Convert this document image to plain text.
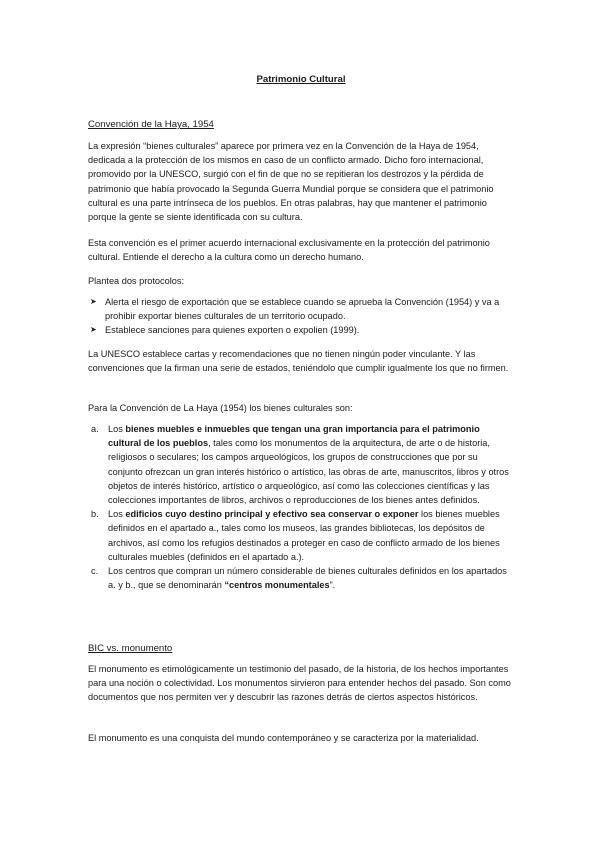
Patrimonio Cultural
Convención de la Haya, 1954

La expresión “bienes culturales” aparece por primera vez en la Convención de la Haya de 1954, dedicada a la protección de los mismos en caso de un conflicto armado. Dicho foro internacional, promovido por la UNESCO, surgió con el fin de que no se repitieran los destrozos y la pérdida de patrimonio que había provocado la Segunda Guerra Mundial porque se considera que el patrimonio cultural es una parte intrínseca de los pueblos. En otras palabras, hay que mantener el patrimonio porque la gente se siente identificada con su cultura.

Esta convención es el primer acuerdo internacional exclusivamente en la protección del patrimonio cultural. Entiende el derecho a la cultura como un derecho humano.

Plantea dos protocolos:

➤ Alerta el riesgo de exportación que se establece cuando se aprueba la Convención (1954) y va a prohibir exportar bienes culturales de un territorio ocupado.
➤ Establece sanciones para quienes exporten o expolien (1999).

La UNESCO establece cartas y recomendaciones que no tienen ningún poder vinculante. Y las convenciones que la firman una serie de estados, teniéndolo que cumplir igualmente los que no firmen.

Para la Convención de La Haya (1954) los bienes culturales son:

a. Los bienes muebles e inmuebles que tengan una gran importancia para el patrimonio cultural de los pueblos, tales como los monumentos de la arquitectura, de arte o de historia, religiosos o seculares; los campos arqueológicos, los grupos de construcciones que por su conjunto ofrezcan un gran interés histórico o artístico, las obras de arte, manuscritos, libros y otros objetos de interés histórico, artístico o arqueológico, así como las colecciones científicas y las colecciones importantes de libros, archivos o reproducciones de los bienes antes definidos.
b. Los edificios cuyo destino principal y efectivo sea conservar o exponer los bienes muebles definidos en el apartado a., tales como los museos, las grandes bibliotecas, los depósitos de archivos, así como los refugios destinados a proteger en caso de conflicto armado de los bienes culturales muebles (definidos en el apartado a.).
c. Los centros que compran un número considerable de bienes culturales definidos en los apartados a. y b., que se denominarán “centros monumentales”.
BIC vs. monumento

El monumento es etimológicamente un testimonio del pasado, de la historia, de los hechos importantes para una noción o colectividad. Los monumentos sirvieron para entender hechos del pasado. Son como documentos que nos permiten ver y descubrir las razones detrás de ciertos aspectos históricos.

El monumento es una conquista del mundo contemporáneo y se caracteriza por la materialidad.
